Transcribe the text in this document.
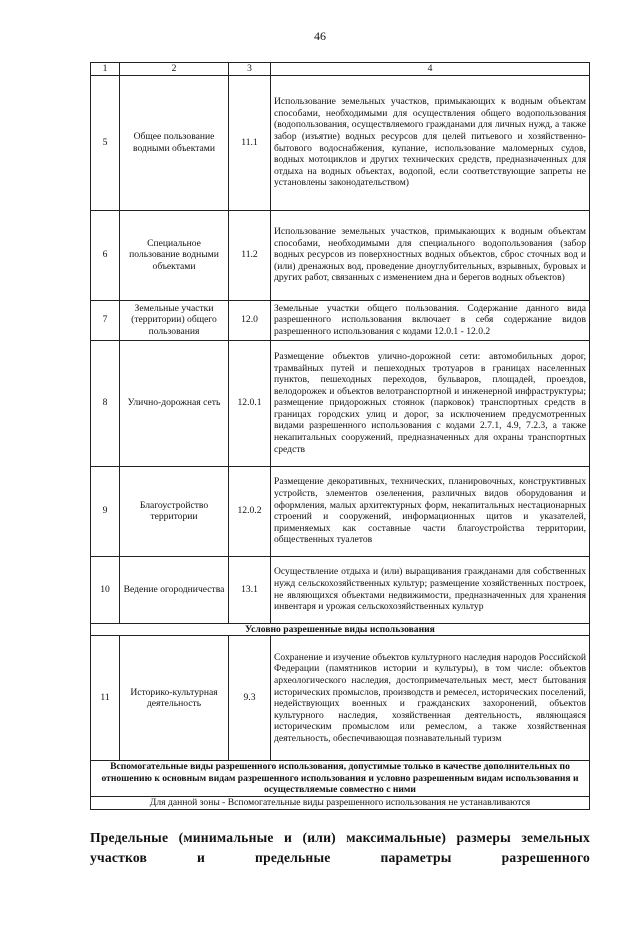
46
1	2	3	4
5	Общее пользование водными объектами	11.1	Использование земельных участков, примыкающих к водным объектам способами, необходимыми для осуществления общего водопользования (водопользования, осуществляемого гражданами для личных нужд, а также забор (изъятие) водных ресурсов для целей питьевого и хозяйственно-бытового водоснабжения, купание, использование маломерных судов, водных мотоциклов и других технических средств, предназначенных для отдыха на водных объектах, водопой, если соответствующие запреты не установлены законодательством)
6	Специальное пользование водными объектами	11.2	Использование земельных участков, примыкающих к водным объектам способами, необходимыми для специального водопользования (забор водных ресурсов из поверхностных водных объектов, сброс сточных вод и (или) дренажных вод, проведение дноуглубительных, взрывных, буровых и других работ, связанных с изменением дна и берегов водных объектов)
7	Земельные участки (территории) общего пользования	12.0	Земельные участки общего пользования. Содержание данного вида разрешенного использования включает в себя содержание видов разрешенного использования с кодами 12.0.1 - 12.0.2
8	Улично-дорожная сеть	12.0.1	Размещение объектов улично-дорожной сети: автомобильных дорог, трамвайных путей и пешеходных тротуаров в границах населенных пунктов, пешеходных переходов, бульваров, площадей, проездов, велодорожек и объектов велотранспортной и инженерной инфраструктуры; размещение придорожных стоянок (парковок) транспортных средств в границах городских улиц и дорог, за исключением предусмотренных видами разрешенного использования с кодами 2.7.1, 4.9, 7.2.3, а также некапитальных сооружений, предназначенных для охраны транспортных средств
9	Благоустройство территории	12.0.2	Размещение декоративных, технических, планировочных, конструктивных устройств, элементов озеленения, различных видов оборудования и оформления, малых архитектурных форм, некапитальных нестационарных строений и сооружений, информационных щитов и указателей, применяемых как составные части благоустройства территории, общественных туалетов
10	Ведение огородничества	13.1	Осуществление отдыха и (или) выращивания гражданами для собственных нужд сельскохозяйственных культур; размещение хозяйственных построек, не являющихся объектами недвижимости, предназначенных для хранения инвентаря и урожая сельскохозяйственных культур
Условно разрешенные виды использования			
11	Историко-культурная деятельность	9.3	Сохранение и изучение объектов культурного наследия народов Российской Федерации (памятников истории и культуры), в том числе: объектов археологического наследия, достопримечательных мест, мест бытования исторических промыслов, производств и ремесел, исторических поселений, недействующих военных и гражданских захоронений, объектов культурного наследия, хозяйственная деятельность, являющаяся историческим промыслом или ремеслом, а также хозяйственная деятельность, обеспечивающая познавательный туризм
Вспомогательные виды разрешенного использования, допустимые только в качестве дополнительных по отношению к основным видам разрешенного использования и условно разрешенным видам использования и осуществляемые совместно с ними			
Для данной зоны - Вспомогательные виды разрешенного использования не устанавливаются			
Предельные (минимальные и (или) максимальные) размеры земельных участков и предельные параметры разрешенного
